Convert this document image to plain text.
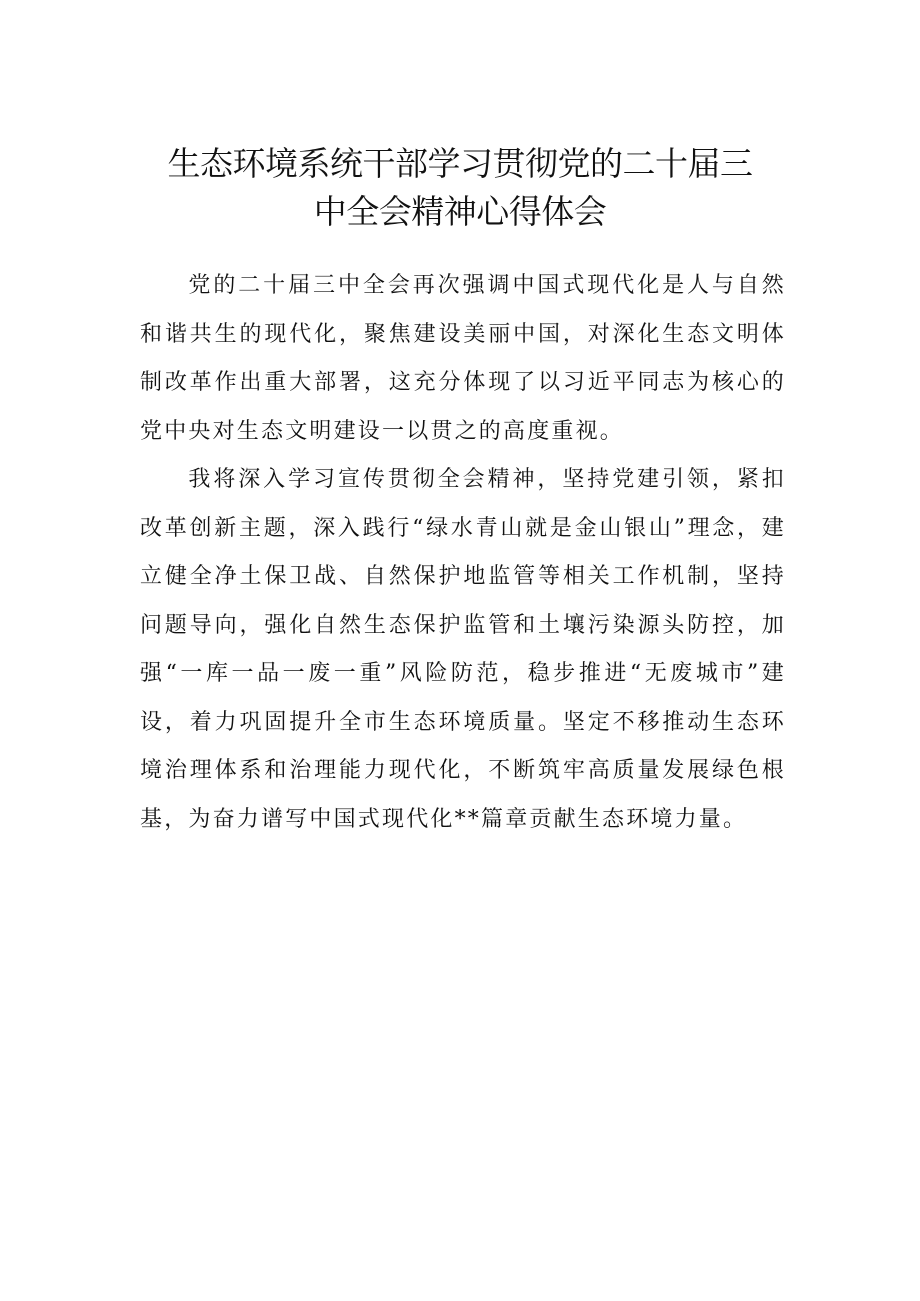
生态环境系统干部学习贯彻党的二十届三
中全会精神心得体会

党的二十届三中全会再次强调中国式现代化是人与自然和谐共生的现代化，聚焦建设美丽中国，对深化生态文明体制改革作出重大部署，这充分体现了以习近平同志为核心的党中央对生态文明建设一以贯之的高度重视。

我将深入学习宣传贯彻全会精神，坚持党建引领，紧扣改革创新主题，深入践行“绿水青山就是金山银山”理念，建立健全净土保卫战、自然保护地监管等相关工作机制，坚持问题导向，强化自然生态保护监管和土壤污染源头防控，加强“一库一品一废一重”风险防范，稳步推进“无废城市”建设，着力巩固提升全市生态环境质量。坚定不移推动生态环境治理体系和治理能力现代化，不断筑牢高质量发展绿色根基，为奋力谱写中国式现代化**篇章贡献生态环境力量。
